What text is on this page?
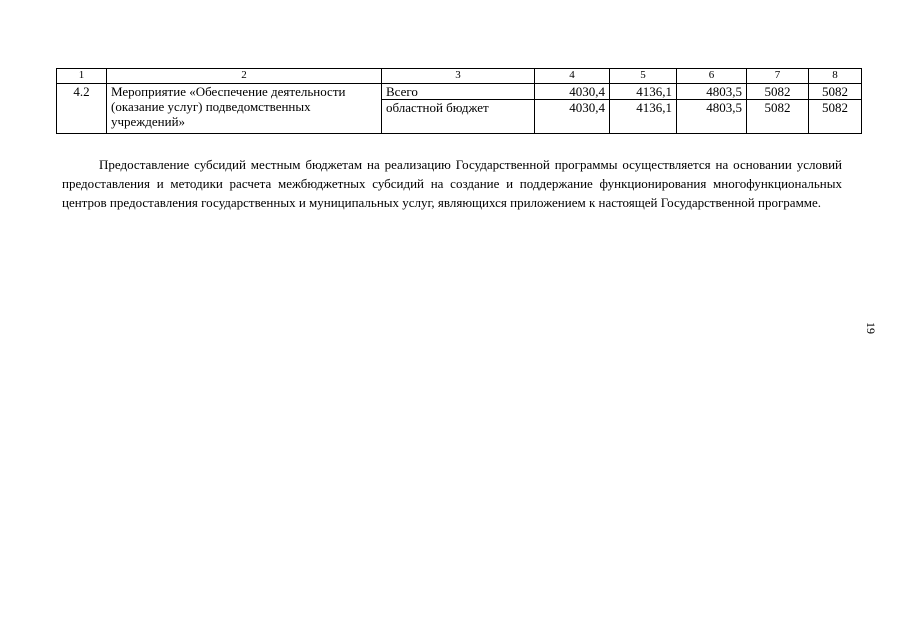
1	2	3	4	5	6	7	8
4.2	Мероприятие «Обеспечение деятельности (оказание услуг) подведомственных учреждений»	Всего	4030,4	4136,1	4803,5	5082	5082
		областной бюджет	4030,4	4136,1	4803,5	5082	5082

Предоставление субсидий местным бюджетам на реализацию Государственной программы осуществляется на основании условий предоставления и методики расчета межбюджетных субсидий на создание и поддержание функционирования многофункциональных центров предоставления государственных и муниципальных услуг, являющихся приложением к настоящей Государственной программе.

19
